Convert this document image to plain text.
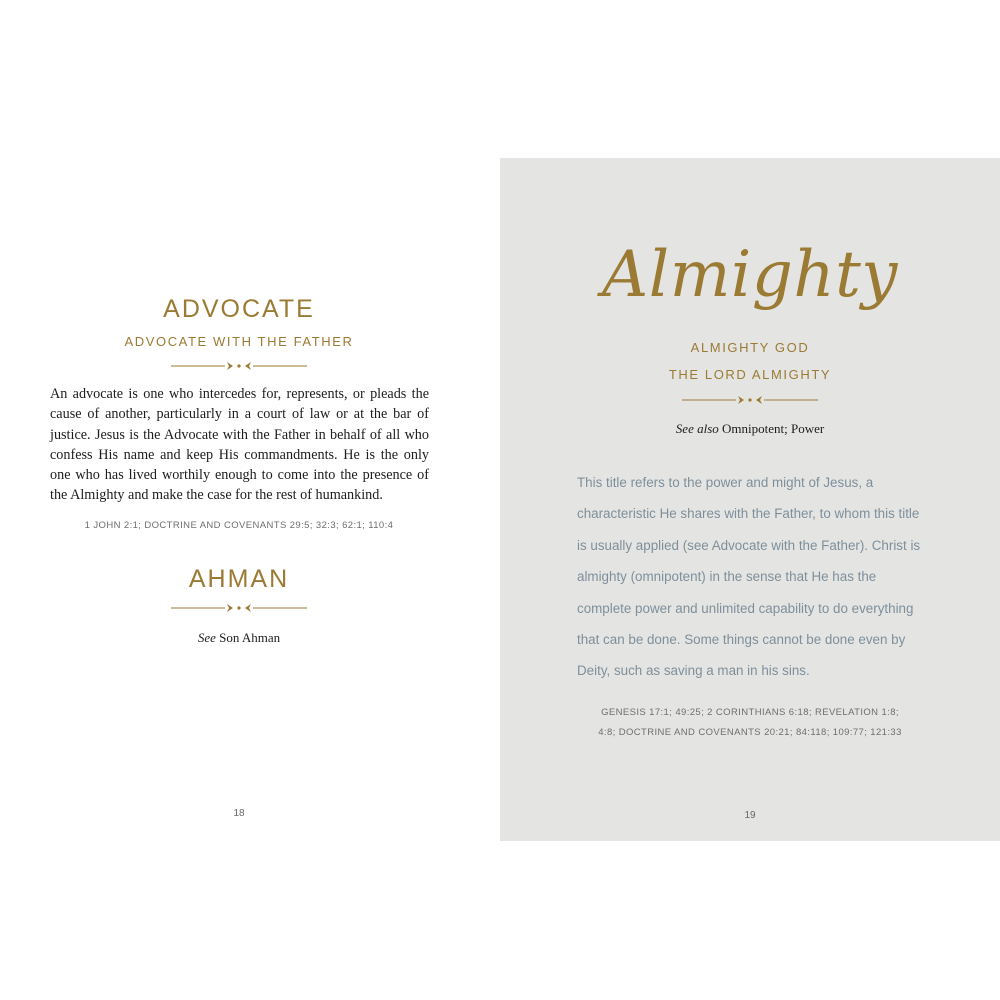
ADVOCATE
ADVOCATE WITH THE FATHER

An advocate is one who intercedes for, represents, or pleads the cause of another, particularly in a court of law or at the bar of justice. Jesus is the Advocate with the Father in behalf of all who confess His name and keep His commandments. He is the only one who has lived worthily enough to come into the presence of the Almighty and make the case for the rest of humankind.

1 JOHN 2:1; DOCTRINE AND COVENANTS 29:5; 32:3; 62:1; 110:4
AHMAN
See Son Ahman
18
Almighty
ALMIGHTY GOD
THE LORD ALMIGHTY
See also Omnipotent; Power

This title refers to the power and might of Jesus, a characteristic He shares with the Father, to whom this title is usually applied (see Advocate with the Father). Christ is almighty (omnipotent) in the sense that He has the complete power and unlimited capability to do everything that can be done. Some things cannot be done even by Deity, such as saving a man in his sins.

GENESIS 17:1; 49:25; 2 CORINTHIANS 6:18; REVELATION 1:8;
4:8; DOCTRINE AND COVENANTS 20:21; 84:118; 109:77; 121:33
19
